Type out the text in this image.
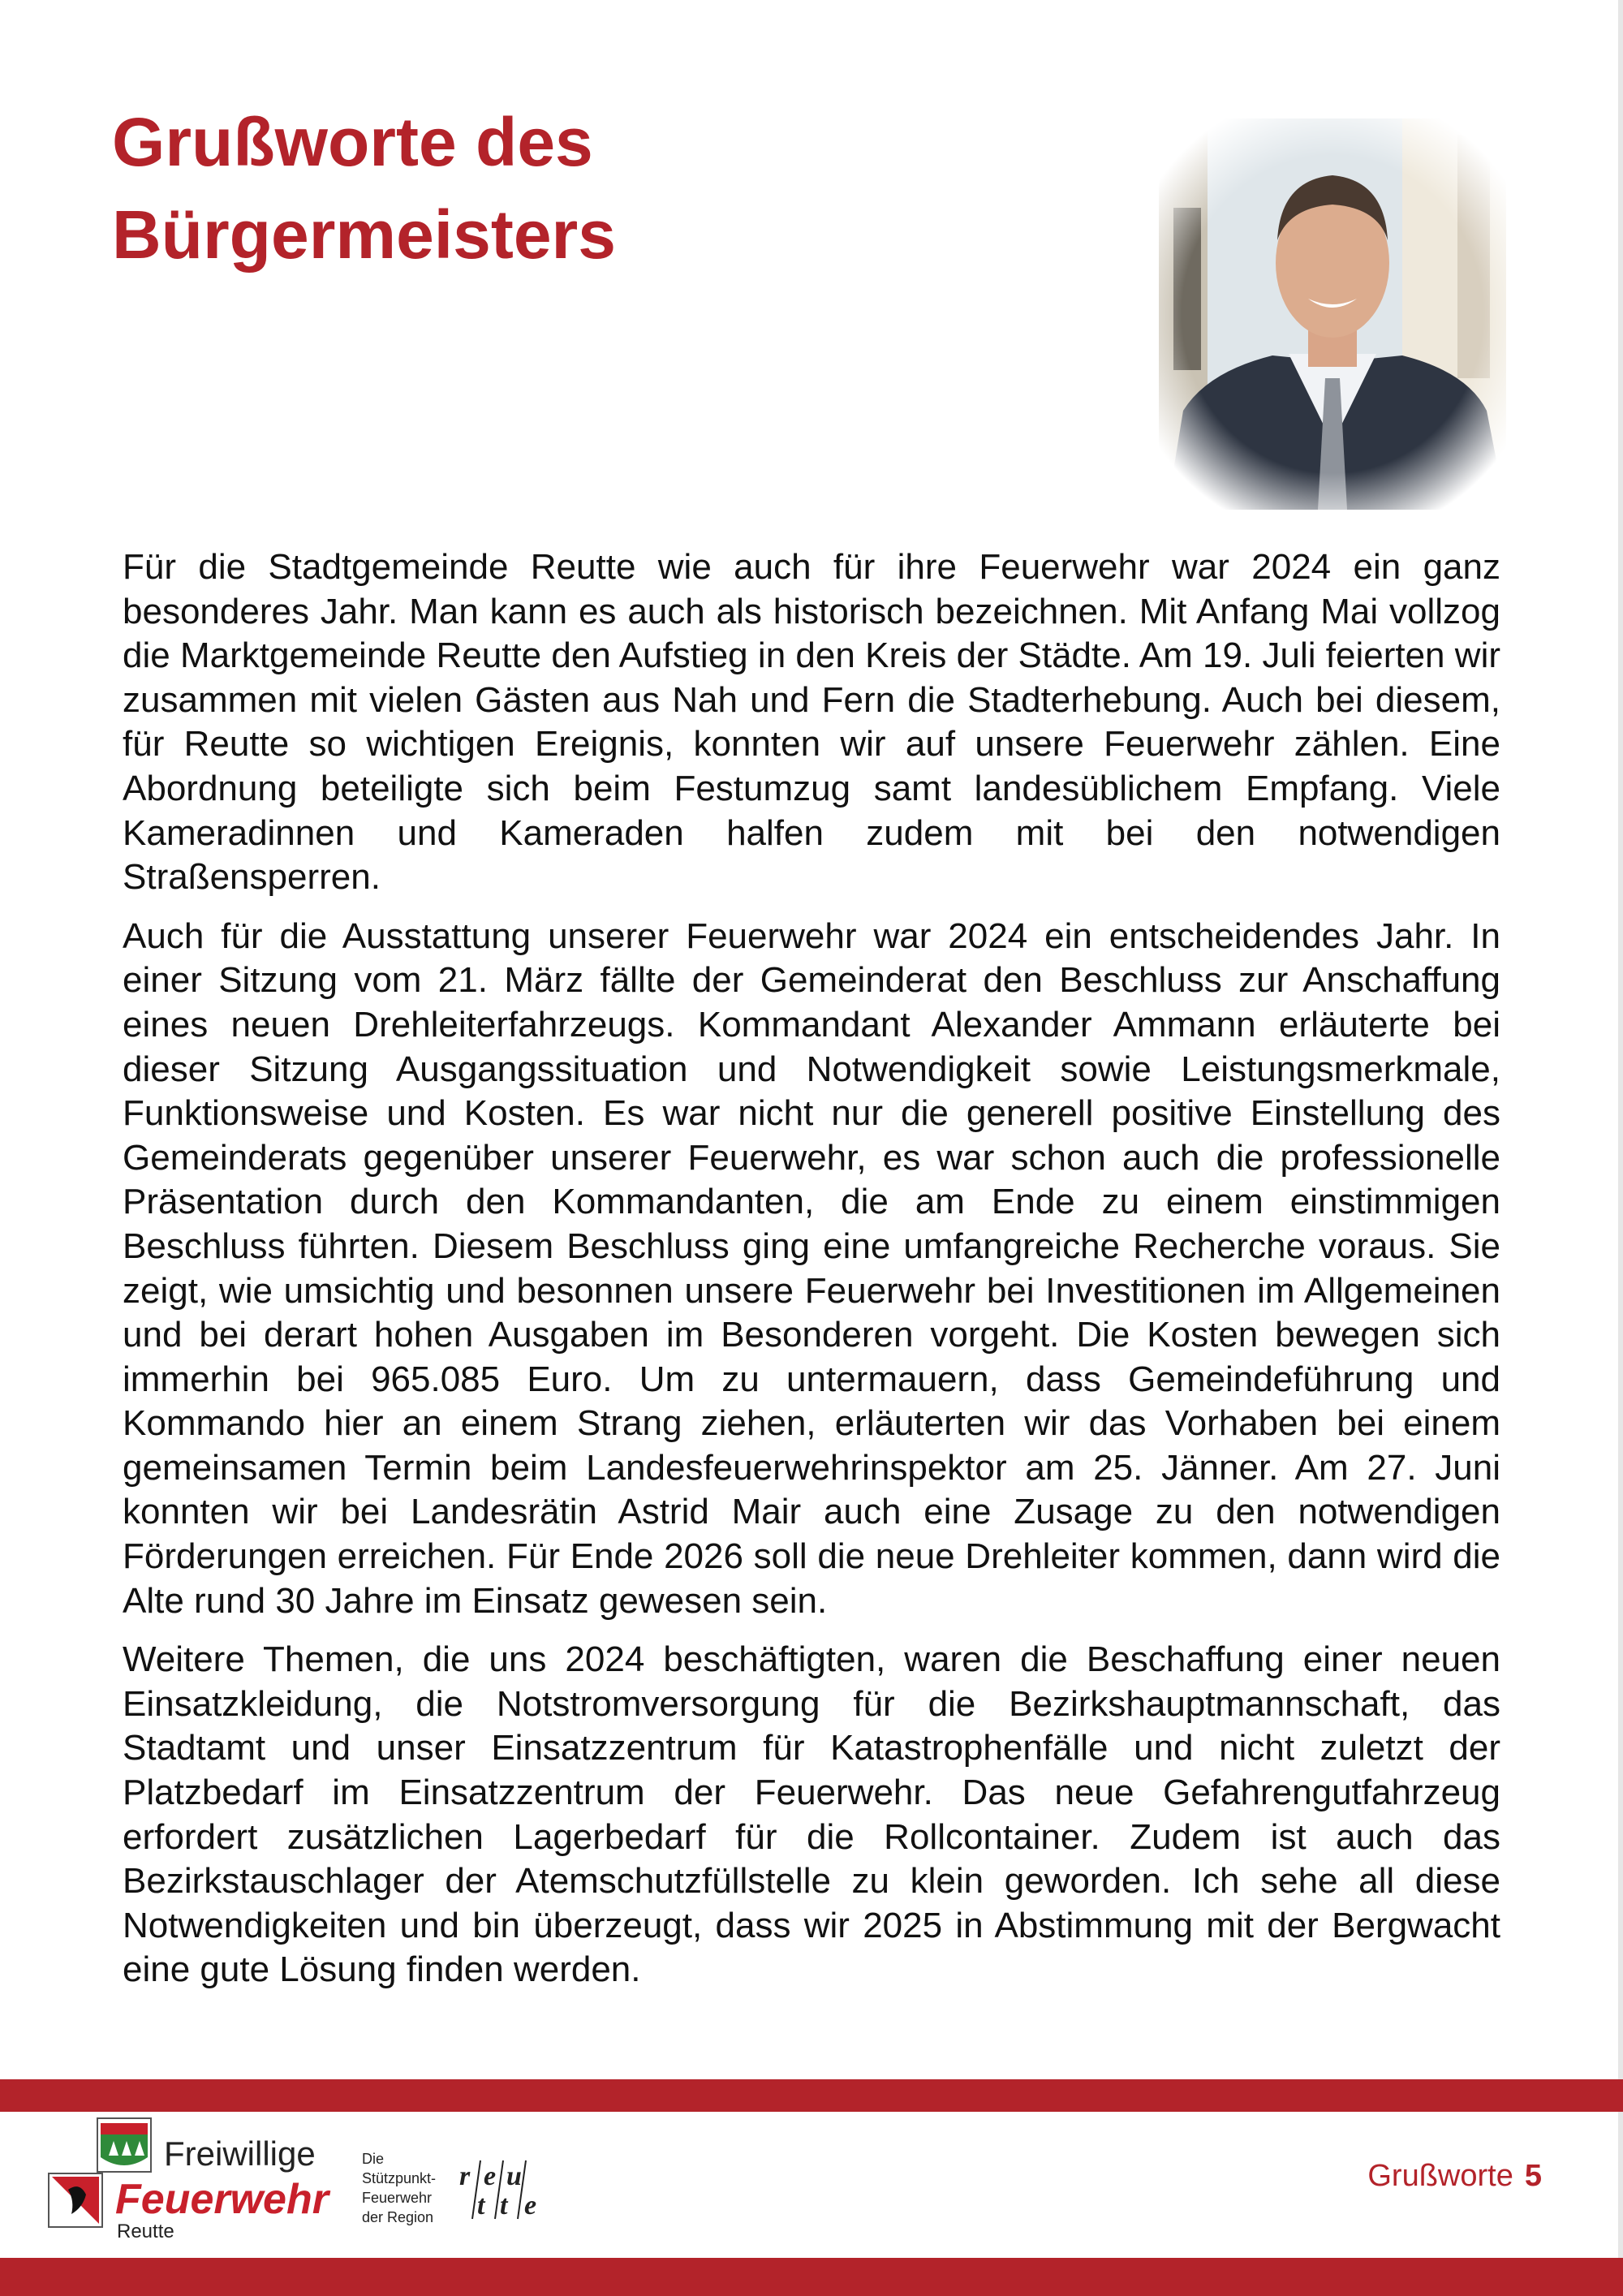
Grußworte des
Bürgermeisters

Für die Stadtgemeinde Reutte wie auch für ihre Feuerwehr war 2024 ein ganz besonderes Jahr. Man kann es auch als historisch bezeichnen. Mit Anfang Mai vollzog die Marktgemeinde Reutte den Aufstieg in den Kreis der Städte. Am 19. Juli feierten wir zusammen mit vielen Gästen aus Nah und Fern die Stadterhebung. Auch bei diesem, für Reutte so wichtigen Ereignis, konnten wir auf unsere Feuerwehr zählen. Eine Abordnung beteiligte sich beim Festumzug samt landesüblichem Empfang. Viele Kameradinnen und Kameraden halfen zudem mit bei den notwendigen Straßensperren.

Auch für die Ausstattung unserer Feuerwehr war 2024 ein entscheidendes Jahr. In einer Sitzung vom 21. März fällte der Gemeinderat den Beschluss zur Anschaffung eines neuen Drehleiterfahrzeugs. Kommandant Alexander Ammann erläuterte bei dieser Sitzung Ausgangssituation und Notwendigkeit sowie Leistungsmerkmale, Funktionsweise und Kosten. Es war nicht nur die generell positive Einstellung des Gemeinderats gegenüber unserer Feuerwehr, es war schon auch die professionelle Präsentation durch den Kommandanten, die am Ende zu einem einstimmigen Beschluss führten. Diesem Beschluss ging eine umfangreiche Recherche voraus. Sie zeigt, wie umsichtig und besonnen unsere Feuerwehr bei Investitionen im Allgemeinen und bei derart hohen Ausgaben im Besonderen vorgeht. Die Kosten bewegen sich immerhin bei 965.085 Euro. Um zu untermauern, dass Gemeindeführung und Kommando hier an einem Strang ziehen, erläuterten wir das Vorhaben bei einem gemeinsamen Termin beim Landesfeuerwehrinspektor am 25. Jänner. Am 27. Juni konnten wir bei Landesrätin Astrid Mair auch eine Zusage zu den notwendigen Förderungen erreichen. Für Ende 2026 soll die neue Drehleiter kommen, dann wird die Alte rund 30 Jahre im Einsatz gewesen sein.

Weitere Themen, die uns 2024 beschäftigten, waren die Beschaffung einer neuen Einsatzkleidung, die Notstromversorgung für die Bezirkshauptmannschaft, das Stadtamt und unser Einsatzzentrum für Katastrophenfälle und nicht zuletzt der Platzbedarf im Einsatzzentrum der Feuerwehr. Das neue Gefahrengutfahrzeug erfordert zusätzlichen Lagerbedarf für die Rollcontainer. Zudem ist auch das Bezirkstauschlager der Atemschutzfüllstelle zu klein geworden. Ich sehe all diese Notwendigkeiten und bin überzeugt, dass wir 2025 in Abstimmung mit der Bergwacht eine gute Lösung finden werden.

Freiwillige
Feuerwehr
Reutte
Die
Stützpunkt-
Feuerwehr
der Region
r e u
t t e
Grußworte 5
